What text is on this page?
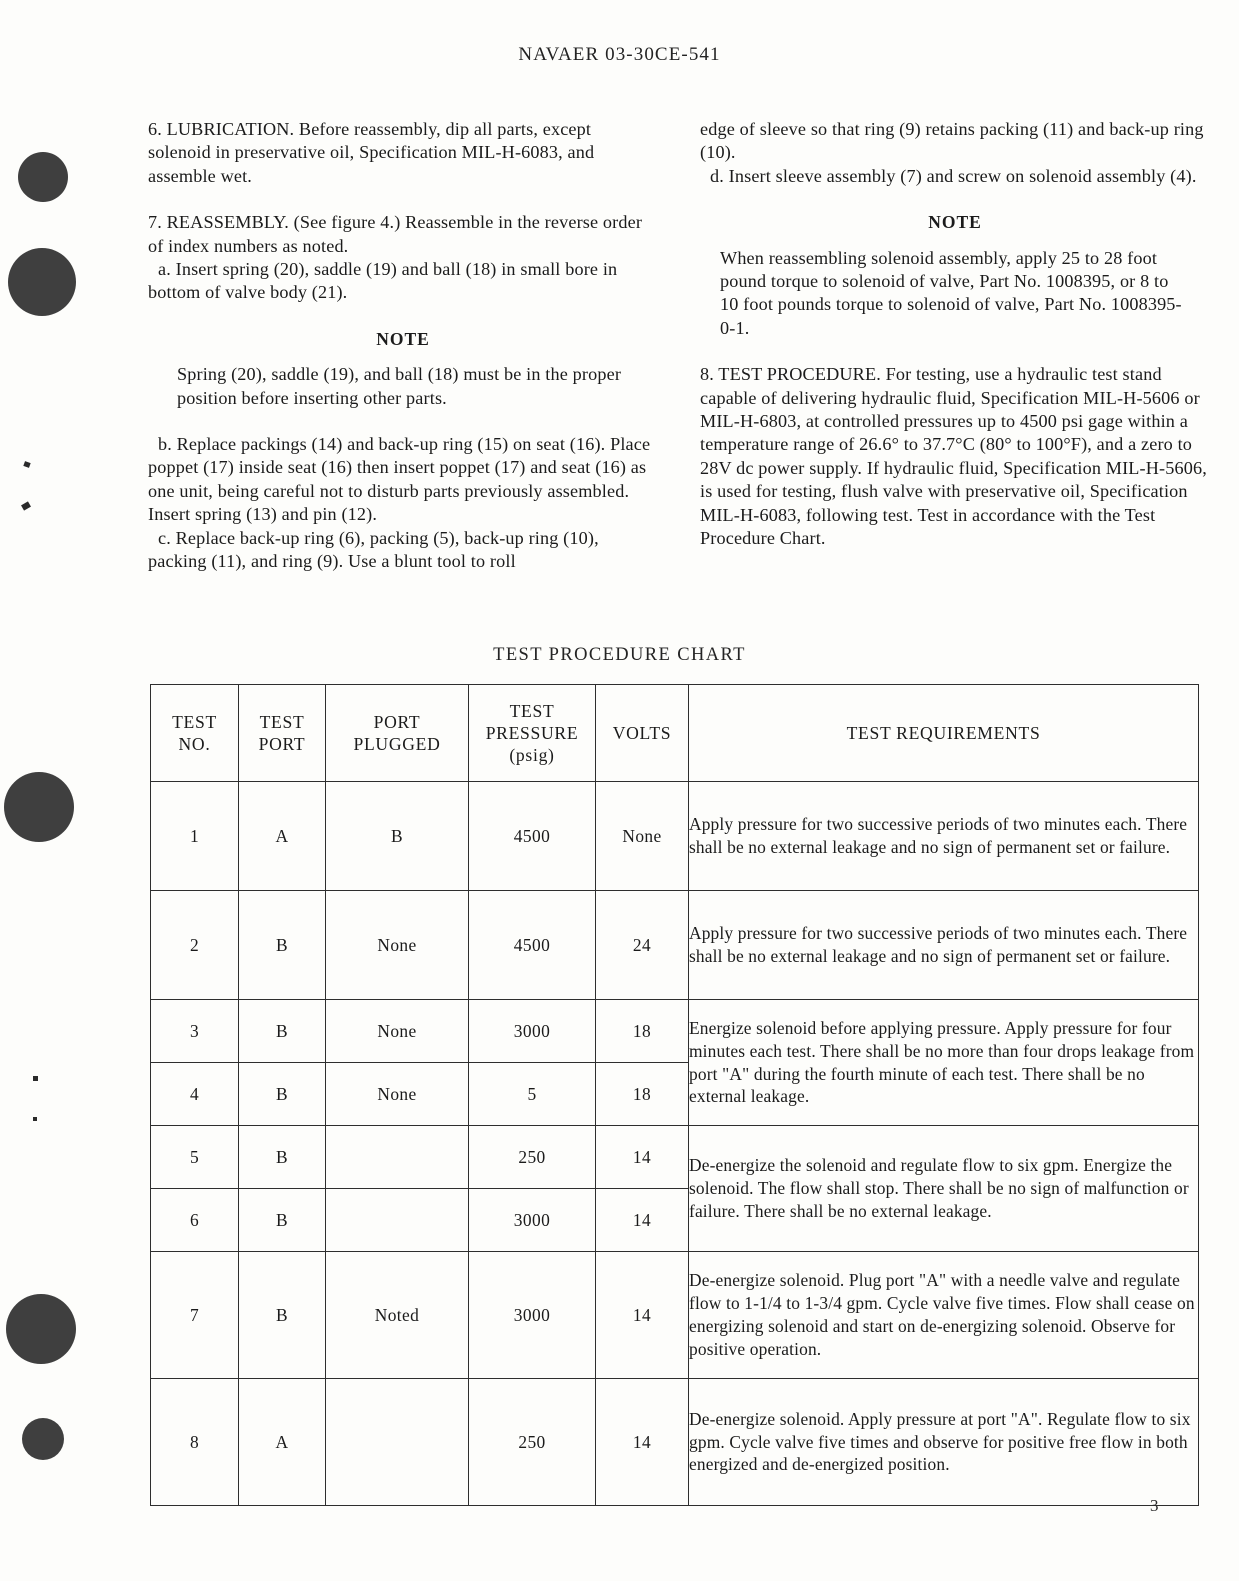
NAVAER 03-30CE-541

6. LUBRICATION. Before reassembly, dip all parts, except solenoid in preservative oil, Specification MIL-H-6083, and assemble wet.

7. REASSEMBLY. (See figure 4.) Reassemble in the reverse order of index numbers as noted.

a. Insert spring (20), saddle (19) and ball (18) in small bore in bottom of valve body (21).

NOTE
Spring (20), saddle (19), and ball (18) must be in the proper position before inserting other parts.

b. Replace packings (14) and back-up ring (15) on seat (16). Place poppet (17) inside seat (16) then insert poppet (17) and seat (16) as one unit, being careful not to disturb parts previously assembled. Insert spring (13) and pin (12).

c. Replace back-up ring (6), packing (5), back-up ring (10), packing (11), and ring (9). Use a blunt tool to roll

edge of sleeve so that ring (9) retains packing (11) and back-up ring (10).

d. Insert sleeve assembly (7) and screw on solenoid assembly (4).

NOTE
When reassembling solenoid assembly, apply 25 to 28 foot pound torque to solenoid of valve, Part No. 1008395, or 8 to 10 foot pounds torque to solenoid of valve, Part No. 1008395-0-1.

8. TEST PROCEDURE. For testing, use a hydraulic test stand capable of delivering hydraulic fluid, Specification MIL-H-5606 or MIL-H-6803, at controlled pressures up to 4500 psi gage within a temperature range of 26.6° to 37.7°C (80° to 100°F), and a zero to 28V dc power supply. If hydraulic fluid, Specification MIL-H-5606, is used for testing, flush valve with preservative oil, Specification MIL-H-6083, following test. Test in accordance with the Test Procedure Chart.

TEST PROCEDURE CHART
TEST
NO.

TEST
PORT

PORT
PLUGGED

TEST
PRESSURE
(psig)

VOLTS	TEST REQUIREMENTS

1	A	B	4500	None	Apply pressure for two successive periods of two minutes each. There shall be no external leakage and no sign of permanent set or failure.
2	B	None	4500	24	Apply pressure for two successive periods of two minutes each. There shall be no external leakage and no sign of permanent set or failure.
3	B	None	3000	18	Energize solenoid before applying pressure. Apply pressure for four minutes each test. There shall be no more than four drops leakage from port "A" during the fourth minute of each test. There shall be no external leakage.
4	B	None	5	18	
5	B		250	14	De-energize the solenoid and regulate flow to six gpm. Energize the solenoid. The flow shall stop. There shall be no sign of malfunction or failure. There shall be no external leakage.
6	B		3000	14	
7	B	Noted	3000	14	De-energize solenoid. Plug port "A" with a needle valve and regulate flow to 1-1/4 to 1-3/4 gpm. Cycle valve five times. Flow shall cease on energizing solenoid and start on de-energizing solenoid. Observe for positive operation.
8	A		250	14	De-energize solenoid. Apply pressure at port "A". Regulate flow to six gpm. Cycle valve five times and observe for positive free flow in both energized and de-energized position.
3
